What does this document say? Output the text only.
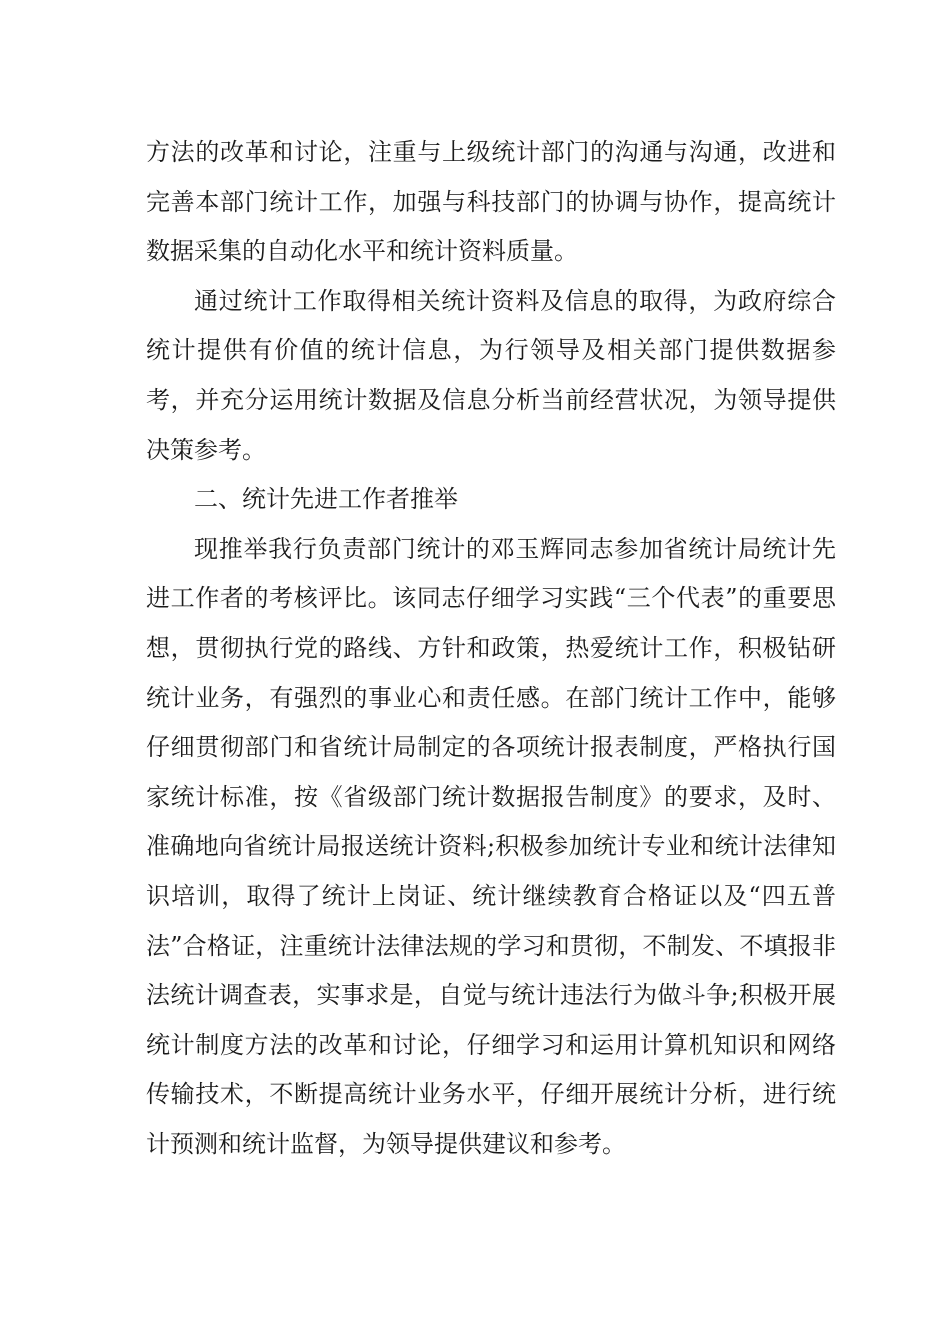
方法的改革和讨论，注重与上级统计部门的沟通与沟通，改进和完善本部门统计工作，加强与科技部门的协调与协作，提高统计数据采集的自动化水平和统计资料质量。

通过统计工作取得相关统计资料及信息的取得，为政府综合统计提供有价值的统计信息，为行领导及相关部门提供数据参考，并充分运用统计数据及信息分析当前经营状况，为领导提供决策参考。

二、统计先进工作者推举

现推举我行负责部门统计的邓玉辉同志参加省统计局统计先进工作者的考核评比。该同志仔细学习实践“三个代表”的重要思想，贯彻执行党的路线、方针和政策，热爱统计工作，积极钻研统计业务，有强烈的事业心和责任感。在部门统计工作中，能够仔细贯彻部门和省统计局制定的各项统计报表制度，严格执行国家统计标准，按《省级部门统计数据报告制度》的要求，及时、准确地向省统计局报送统计资料;积极参加统计专业和统计法律知识培训，取得了统计上岗证、统计继续教育合格证以及“四五普法”合格证，注重统计法律法规的学习和贯彻，不制发、不填报非法统计调查表，实事求是，自觉与统计违法行为做斗争;积极开展统计制度方法的改革和讨论，仔细学习和运用计算机知识和网络传输技术，不断提高统计业务水平，仔细开展统计分析，进行统计预测和统计监督，为领导提供建议和参考。
